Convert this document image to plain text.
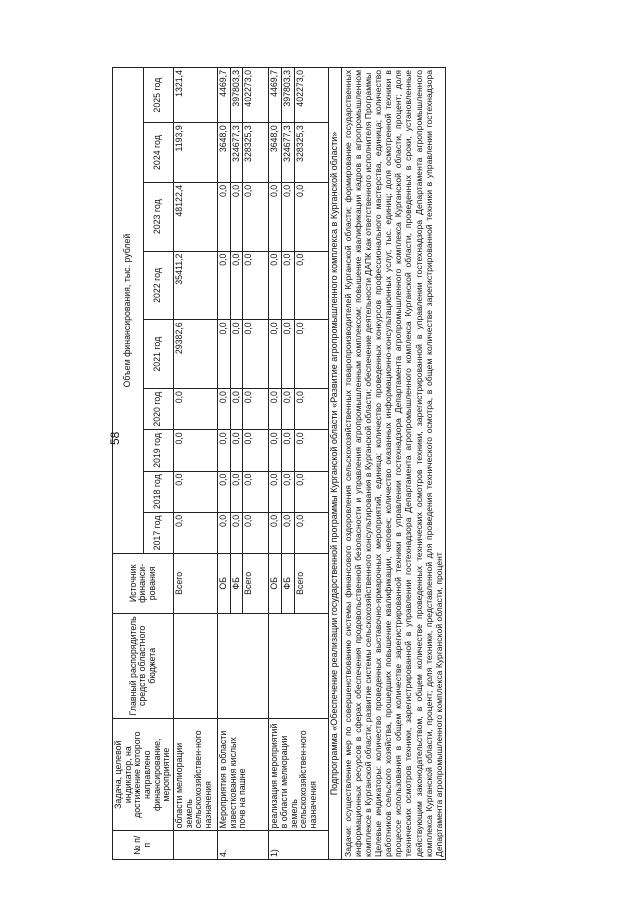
58
№ п/п	Задача, целевой индикатор, на достижение которого направлено финансирование, мероприятие	Главный распорядитель средств областного бюджета	Источник финанси-рования	Объем финансирования, тыс. рублей								
				2017 год	2018 год	2019 год	2020 год	2021 год	2022 год	2023 год	2024 год	2025 год
	области мелиорации земель сельскохозяйствен-ного назначения		Всего	0,0	0,0	0,0	0,0	29382,6	35411,2	48122,4	1193,9	1321,4
4.	Мероприятия в области известкования кислых почв на пашне		ОБ	0,0	0,0	0,0	0,0	0,0	0,0	0,0	3648,0	4469,7
			ФБ	0,0	0,0	0,0	0,0	0,0	0,0	0,0	324677,3	397803,3
			Всего	0,0	0,0	0,0	0,0	0,0	0,0	0,0	328325,3	402273,0
1)	реализация мероприятий в области мелиорации земель сельскохозяйствен-ного назначения		ОБ	0,0	0,0	0,0	0,0	0,0	0,0	0,0	3648,0	4469,7
			ФБ	0,0	0,0	0,0	0,0	0,0	0,0	0,0	324677,3	397803,3
			Всего	0,0	0,0	0,0	0,0	0,0	0,0	0,0	328325,3	402273,0
Подпрограмма «Обеспечение реализации государственной программы Курганской области «Развитие агропромышленного комплекса в Курганской области»												

Задачи: осуществление мер по совершенствованию системы финансового оздоровления сельскохозяйственных товаропроизводителей Курганской области; формирование государственных информационных ресурсов в сферах обеспечения продовольственной безопасности и управления агропромышленным комплексом; повышение квалификации кадров в агропромышленном комплексе в Курганской области; развитие системы сельскохозяйственного консультирования в Курганской области; обеспечение деятельности ДАПК как ответственного исполнителя Программы Целевые индикаторы: количество проведенных выставочно-ярмарочных мероприятий, единица; количество проведенных конкурсов профессионального мастерства, единица; количество работников сельского хозяйства, прошедших повышение квалификации, человек; количество оказанных информационно-консультационных услуг, тыс. единиц; доля осмотренной техники в процессе использования в общем количестве зарегистрированной техники в управлении гостехнадзора Департамента агропромышленного комплекса Курганской области, процент; доля технических осмотров техники, зарегистрированной в управлении гостехнадзора Департамента агропромышленного комплекса Курганской области, проведенных в сроки, установленные действующим законодательством, в общем количестве проведенных технических осмотров техники, зарегистрированной в управлении гостехнадзора Департамента агропромышленного комплекса Курганской области, процент; доля техники, представленной для проведения технического осмотра, в общем количестве зарегистрированной техники в управлении гостехнадзора Департамента агропромышленного комплекса Курганской области, процент												
